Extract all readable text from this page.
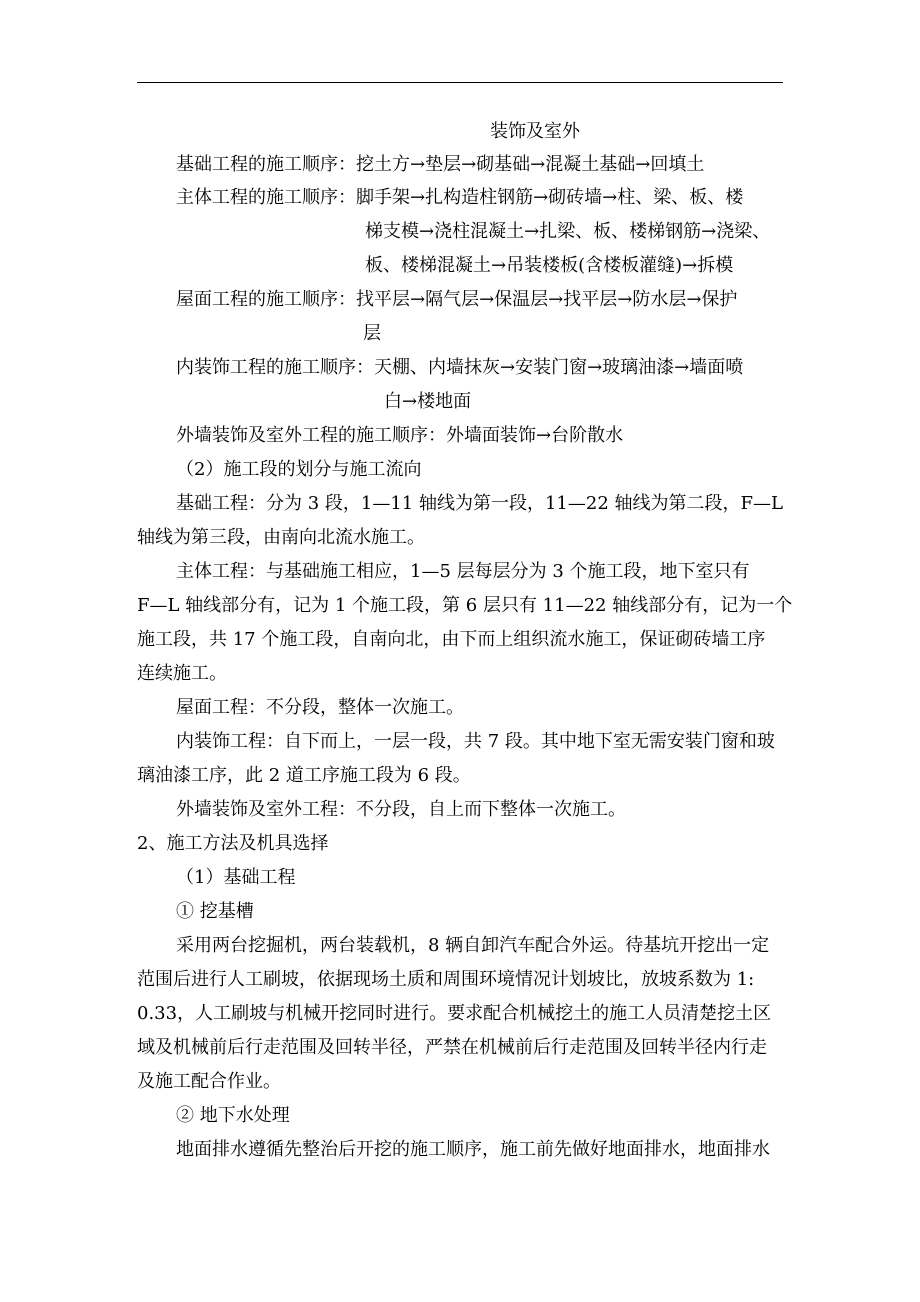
装饰及室外
基础工程的施工顺序：挖土方→垫层→砌基础→混凝土基础→回填土
主体工程的施工顺序：脚手架→扎构造柱钢筋→砌砖墙→柱、梁、板、楼
梯支模→浇柱混凝土→扎梁、板、楼梯钢筋→浇梁、
板、楼梯混凝土→吊装楼板(含楼板灌缝)→拆模
屋面工程的施工顺序：找平层→隔气层→保温层→找平层→防水层→保护
层
内装饰工程的施工顺序：天棚、内墙抹灰→安装门窗→玻璃油漆→墙面喷
白→楼地面
外墙装饰及室外工程的施工顺序：外墙面装饰→台阶散水
（2）施工段的划分与施工流向
基础工程：分为 3 段，1—11 轴线为第一段，11—22 轴线为第二段，F—L
轴线为第三段，由南向北流水施工。
主体工程：与基础施工相应，1—5 层每层分为 3 个施工段，地下室只有
F—L 轴线部分有，记为 1 个施工段，第 6 层只有 11—22 轴线部分有，记为一个
施工段，共 17 个施工段，自南向北，由下而上组织流水施工，保证砌砖墙工序
连续施工。
屋面工程：不分段，整体一次施工。
内装饰工程：自下而上，一层一段，共 7 段。其中地下室无需安装门窗和玻
璃油漆工序，此 2 道工序施工段为 6 段。
外墙装饰及室外工程：不分段，自上而下整体一次施工。
2、施工方法及机具选择
（1）基础工程
① 挖基槽
采用两台挖掘机，两台装载机，8 辆自卸汽车配合外运。待基坑开挖出一定
范围后进行人工刷坡，依据现场土质和周围环境情况计划坡比，放坡系数为 1:
0.33，人工刷坡与机械开挖同时进行。要求配合机械挖土的施工人员清楚挖土区
域及机械前后行走范围及回转半径，严禁在机械前后行走范围及回转半径内行走
及施工配合作业。
② 地下水处理
地面排水遵循先整治后开挖的施工顺序，施工前先做好地面排水，地面排水
